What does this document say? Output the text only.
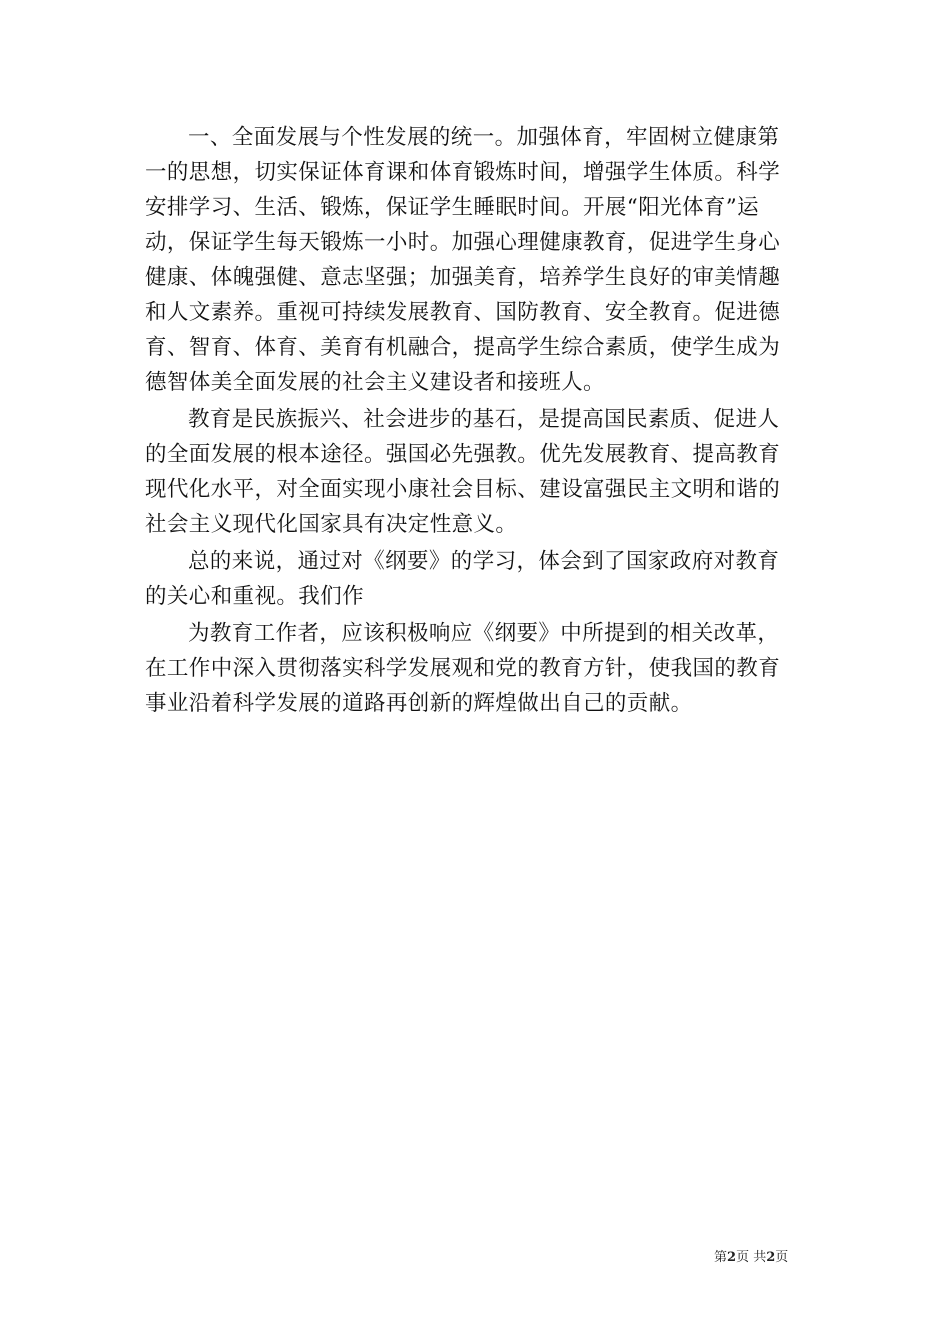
一、全面发展与个性发展的统一。加强体育，牢固树立健康第
一的思想，切实保证体育课和体育锻炼时间，增强学生体质。科学
安排学习、生活、锻炼，保证学生睡眠时间。开展“阳光体育”运
动，保证学生每天锻炼一小时。加强心理健康教育，促进学生身心
健康、体魄强健、意志坚强；加强美育，培养学生良好的审美情趣
和人文素养。重视可持续发展教育、国防教育、安全教育。促进德
育、智育、体育、美育有机融合，提高学生综合素质，使学生成为
德智体美全面发展的社会主义建设者和接班人。

教育是民族振兴、社会进步的基石，是提高国民素质、促进人
的全面发展的根本途径。强国必先强教。优先发展教育、提高教育
现代化水平，对全面实现小康社会目标、建设富强民主文明和谐的
社会主义现代化国家具有决定性意义。

总的来说，通过对《纲要》的学习，体会到了国家政府对教育
的关心和重视。我们作

为教育工作者，应该积极响应《纲要》中所提到的相关改革，
在工作中深入贯彻落实科学发展观和党的教育方针，使我国的教育
事业沿着科学发展的道路再创新的辉煌做出自己的贡献。

第2页 共2页
